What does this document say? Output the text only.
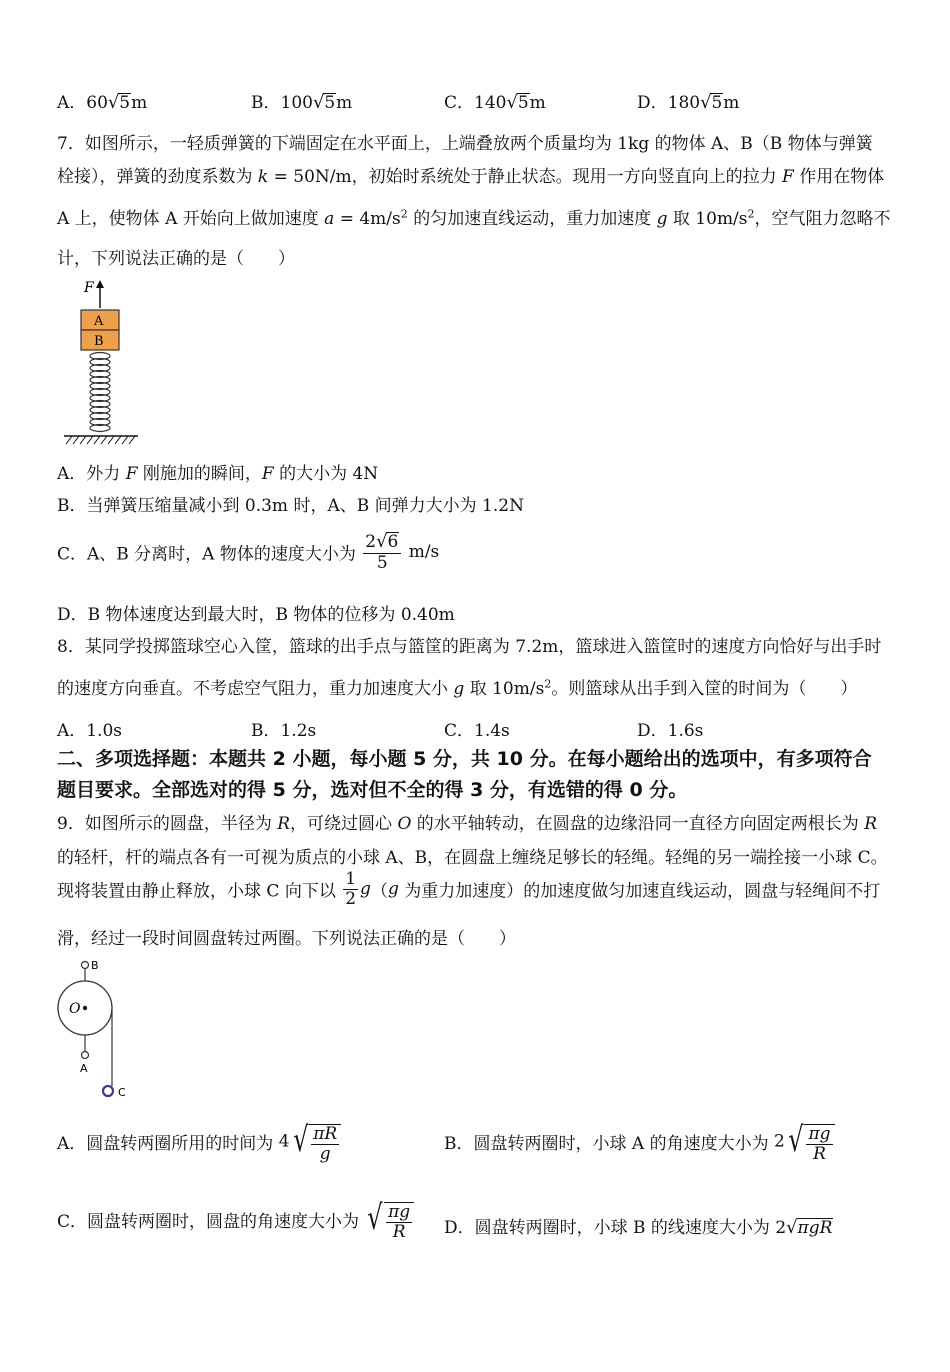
A．60√5m	B．100√5m	C．140√5m	D．180√5m
7．如图所示，一轻质弹簧的下端固定在水平面上，上端叠放两个质量均为 1kg 的物体 A、B（B 物体与弹簧
栓接），弹簧的劲度系数为 k = 50N/m，初始时系统处于静止状态。现用一方向竖直向上的拉力 F 作用在物体
A 上，使物体 A 开始向上做加速度 $a = 4m/s^2$ 的匀加速直线运动，重力加速度 g 取 $10m/s^2$，空气阻力忽略不
计，下列说法正确的是（　　）
F
A
B
A．外力 F 刚施加的瞬间，F 的大小为 4N
B．当弹簧压缩量减小到 0.3m 时，A、B 间弹力大小为 1.2N
C．A、B 分离时，A 物体的速度大小为 $\frac{2√6}{5} m/s$
D．B 物体速度达到最大时，B 物体的位移为 0.40m
8．某同学投掷篮球空心入筐，篮球的出手点与篮筐的距离为 7.2m，篮球进入篮筐时的速度方向恰好与出手时
的速度方向垂直。不考虑空气阻力，重力加速度大小 g 取 $10m/s^2$。则篮球从出手到入筐的时间为（　　）
A．1.0s	B．1.2s	C．1.4s	D．1.6s
二、多项选择题：本题共 2 小题，每小题 5 分，共 10 分。在每小题给出的选项中，有多项符合
题目要求。全部选对的得 5 分，选对但不全的得 3 分，有选错的得 0 分。
9．如图所示的圆盘，半径为 R，可绕过圆心 O 的水平轴转动，在圆盘的边缘沿同一直径方向固定两根长为 R
的轻杆，杆的端点各有一可视为质点的小球 A、B，在圆盘上缠绕足够长的轻绳。轻绳的另一端拴接一小球 C。
现将装置由静止释放，小球 C 向下以 $\frac{1}{2} g(g$ 为重力加速度）的加速度做匀加速直线运动，圆盘与轻绳间不打
滑，经过一段时间圆盘转过两圈。下列说法正确的是（　　）
B
O
A
C
A．圆盘转两圈所用的时间为 4 √ $\frac{\pi R}{g}$	B．圆盘转两圈时，小球 A 的角速度大小为 2 √ $\frac{\pi g}{R}$
C．圆盘转两圈时，圆盘的角速度大小为 √ $\frac{\pi g}{R}$ D．圆盘转两圈时，小球 B 的线速度大小为 2√πgR
